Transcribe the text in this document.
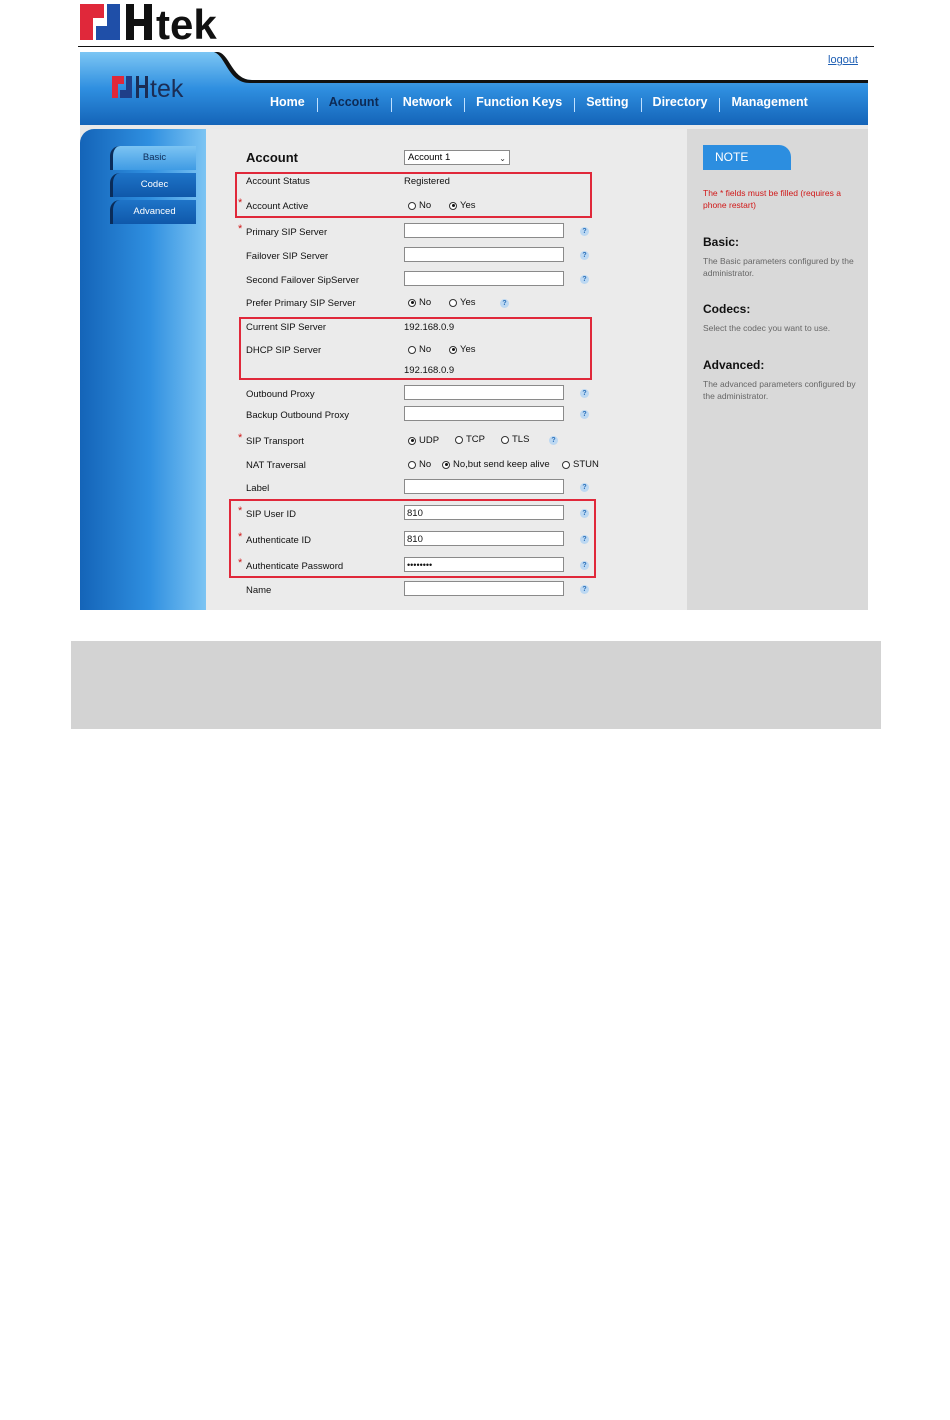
tek
logout
tek	Home	Account	Network	Function Keys	Setting	Directory	Management
Basic
Codec
Advanced
Account	Account 1	⌄
Account Status	Registered
* Account Active	No	Yes
* Primary SIP Server	?
Failover SIP Server	?
Second Failover SipServer	?
Prefer Primary SIP Server	No	Yes	?
Current SIP Server	192.168.0.9
DHCP SIP Server	No	Yes
192.168.0.9
Outbound Proxy	?
Backup Outbound Proxy	?
* SIP Transport	UDP	TCP	TLS	?
NAT Traversal	No No,but send keep alive STUN
Label	?
* SIP User ID	810	?
* Authenticate ID	810	?
* Authenticate Password	••••••••	?
Name	?
NOTE
The * fields must be filled (requires a phone restart)
Basic:
The Basic parameters configured by the administrator.
Codecs:
Select the codec you want to use.
Advanced:
The advanced parameters configured by the administrator.
